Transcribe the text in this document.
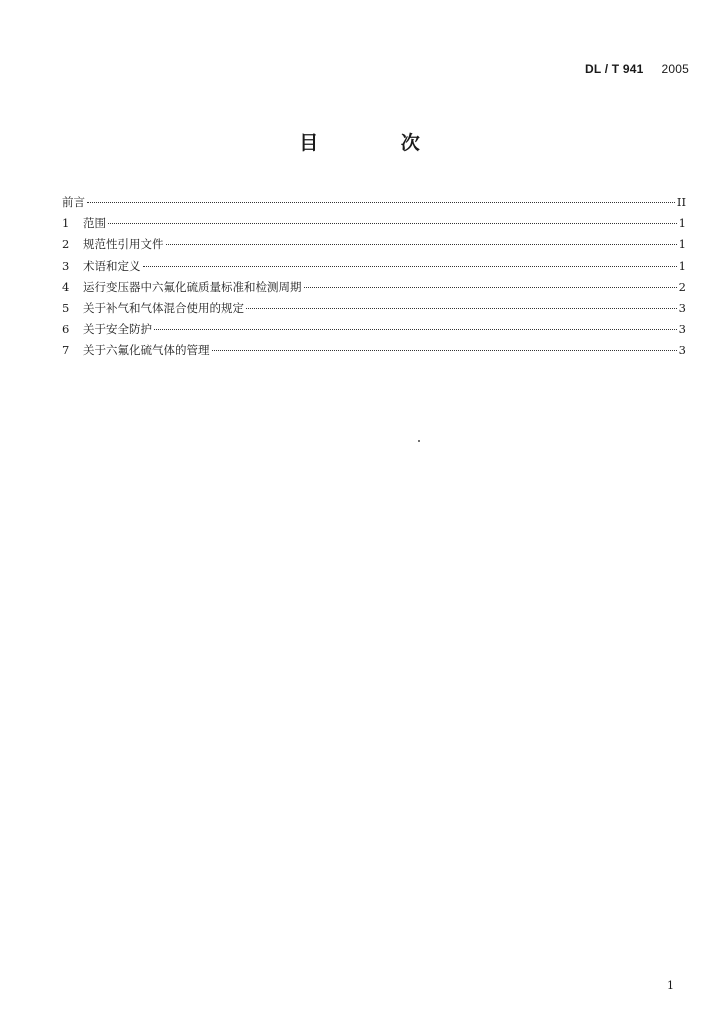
DL / T 941 2005
目 次
前言	II
1	范围	1
2	规范性引用文件	1
3	术语和定义	1
4	运行变压器中六氟化硫质量标准和检测周期	2
5	关于补气和气体混合使用的规定	3
6	关于安全防护	3
7	关于六氟化硫气体的管理	3
1
